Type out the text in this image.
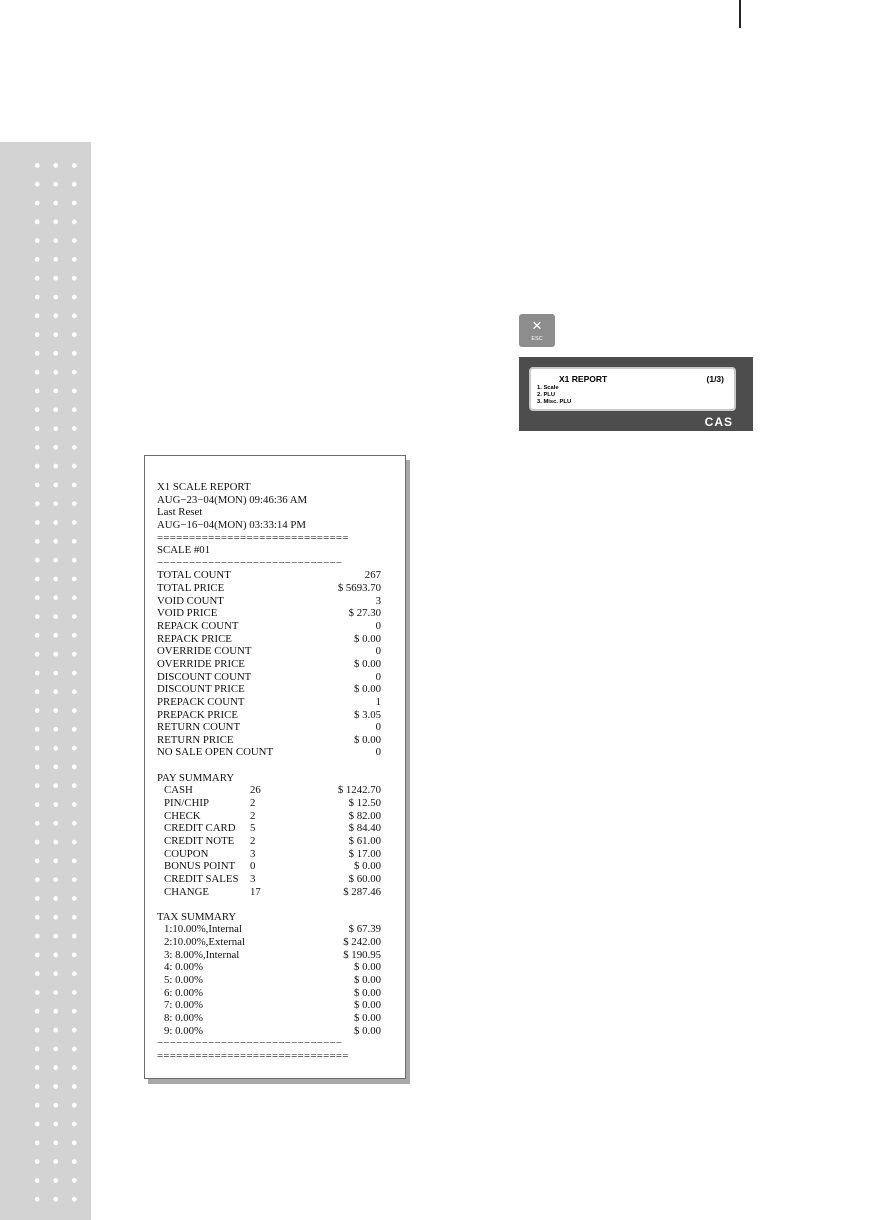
×
ESC
X1 REPORT	(1/3)
1. Scale
2. PLU
3. Misc. PLU
CAS
X1 SCALE REPORT
AUG−23−04(MON) 09:46:36 AM
Last Reset
AUG−16−04(MON) 03:33:14 PM
==============================
SCALE #01
−−−−−−−−−−−−−−−−−−−−−−−−−−−−−
TOTAL COUNT	267
TOTAL PRICE	$ 5693.70
VOID COUNT	3
VOID PRICE	$ 27.30
REPACK COUNT	0
REPACK PRICE	$ 0.00
OVERRIDE COUNT	0
OVERRIDE PRICE	$ 0.00
DISCOUNT COUNT	0
DISCOUNT PRICE	$ 0.00
PREPACK COUNT	1
PREPACK PRICE	$ 3.05
RETURN COUNT	0
RETURN PRICE	$ 0.00
NO SALE OPEN COUNT	0
PAY SUMMARY
CASH	26	$ 1242.70
PIN/CHIP	2	$ 12.50
CHECK	2	$ 82.00
CREDIT CARD 5	$ 84.40
CREDIT NOTE 2	$ 61.00
COUPON	3	$ 17.00
BONUS POINT 0	$ 0.00
CREDIT SALES 3	$ 60.00
CHANGE	17	$ 287.46
TAX SUMMARY
1:10.00%,Internal	$ 67.39
2:10.00%,External	$ 242.00
3: 8.00%,Internal	$ 190.95
4: 0.00%	$ 0.00
5: 0.00%	$ 0.00
6: 0.00%	$ 0.00
7: 0.00%	$ 0.00
8: 0.00%	$ 0.00
9: 0.00%	$ 0.00
−−−−−−−−−−−−−−−−−−−−−−−−−−−−−
==============================
